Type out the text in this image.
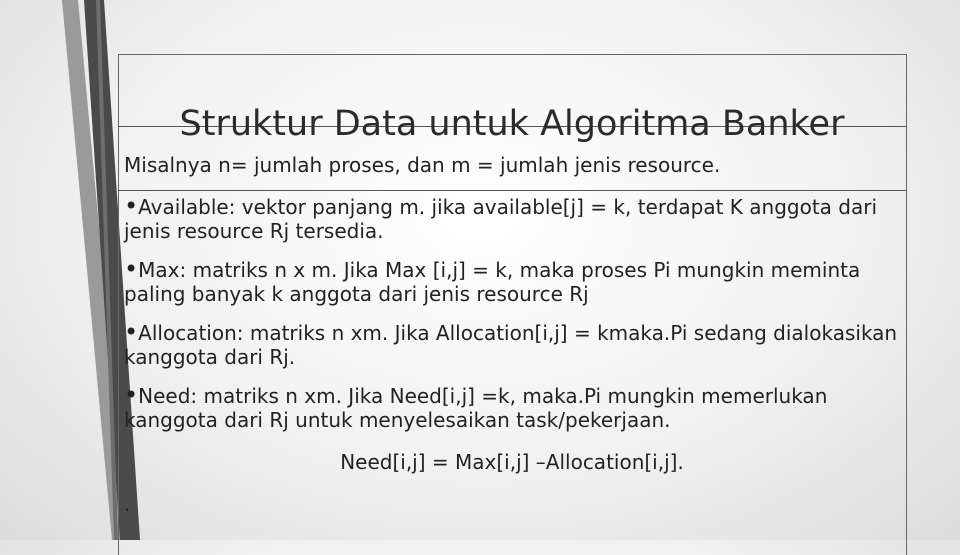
Struktur Data untuk Algoritma Banker
Misalnya n= jumlah proses, dan m = jumlah jenis resource.
•Available: vektor panjang m. jika available[j] = k, terdapat K anggota dari jenis resource Rj tersedia.
•Max: matriks n x m. Jika Max [i,j] = k, maka proses Pi mungkin meminta paling banyak k anggota dari jenis resource Rj
•Allocation: matriks n xm. Jika Allocation[i,j] = kmaka.Pi sedang dialokasikan kanggota dari Rj.
•Need: matriks n xm. Jika Need[i,j] =k, maka.Pi mungkin memerlukan kanggota dari Rj untuk menyelesaikan task/pekerjaan.
Need[i,j] = Max[i,j] –Allocation[i,j].
.
